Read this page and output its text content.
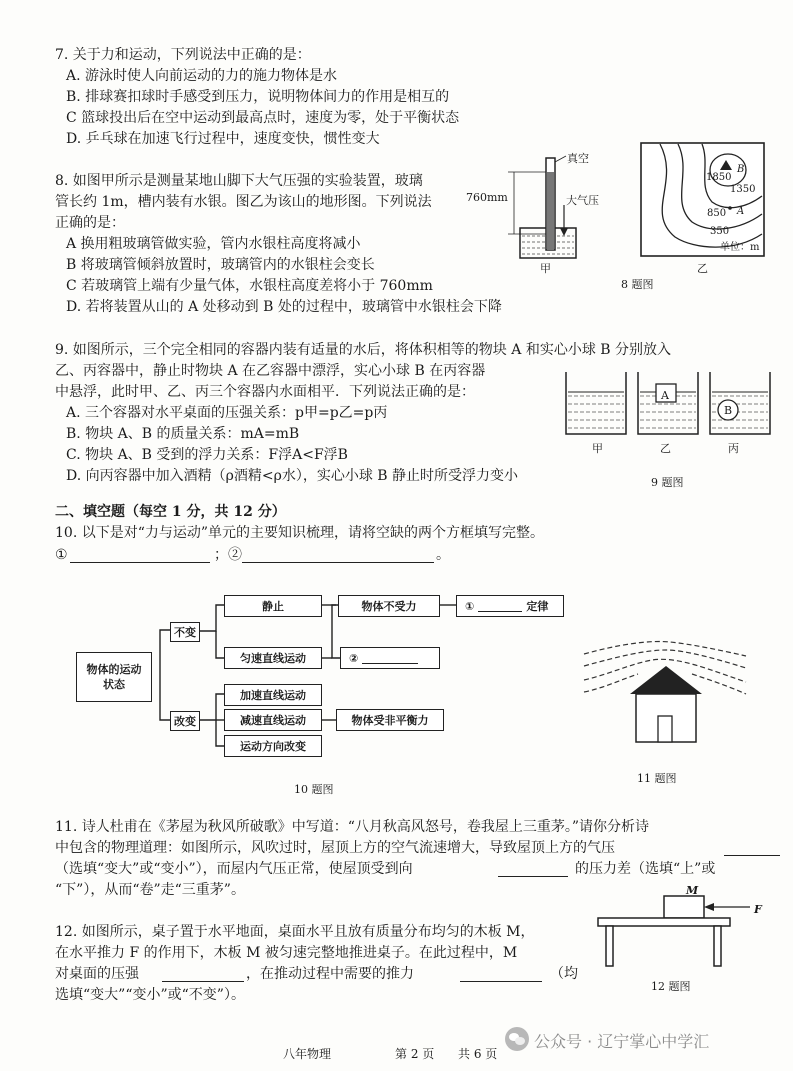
7. 关于力和运动，下列说法中正确的是：
A. 游泳时使人向前运动的力的施力物体是水
B. 排球赛扣球时手感受到压力，说明物体间力的作用是相互的
C 篮球投出后在空中运动到最高点时，速度为零，处于平衡状态
D. 乒乓球在加速飞行过程中，速度变快，惯性变大
8. 如图甲所示是测量某地山脚下大气压强的实验装置，玻璃
管长约 1m，槽内装有水银。图乙为该山的地形图。下列说法
正确的是：
A 换用粗玻璃管做实验，管内水银柱高度将减小
B 将玻璃管倾斜放置时，玻璃管内的水银柱会变长
C 若玻璃管上端有少量气体，水银柱高度差将小于 760mm
D. 若将装置从山的 A 处移动到 B 处的过程中，玻璃管中水银柱会下降
真空
760mm	大气压
甲
1850
1350
850
350
A
B
单位：m
乙
8 题图
9. 如图所示，三个完全相同的容器内装有适量的水后，将体积相等的物块 A 和实心小球 B 分别放入
乙、丙容器中，静止时物块 A 在乙容器中漂浮，实心小球 B 在丙容器
中悬浮，此时甲、乙、丙三个容器内水面相平．下列说法正确的是：
A. 三个容器对水平桌面的压强关系：p甲=p乙=p丙
B. 物块 A、B 的质量关系：mA=mB
C. 物块 A、B 受到的浮力关系：F浮A<F浮B
D. 向丙容器中加入酒精（ρ酒精<ρ水），实心小球 B 静止时所受浮力变小
A
B
甲	乙	丙
9 题图
二、填空题（每空 1 分，共 12 分）
10. 以下是对“力与运动”单元的主要知识梳理，请将空缺的两个方框填写完整。
①	；②	。
物体的运动状态
不变
改变
静止
匀速直线运动
物体不受力	①	定律
②
加速直线运动
减速直线运动
运动方向改变
物体受非平衡力
10 题图
11 题图
11. 诗人杜甫在《茅屋为秋风所破歌》中写道：“八月秋高风怒号，卷我屋上三重茅。”请你分析诗
中包含的物理道理：如图所示，风吹过时，屋顶上方的空气流速增大，导致屋顶上方的气压
（选填“变大”或“变小”），而屋内气压正常，使屋顶受到向	的压力差（选填“上”或
“下”），从而“卷”走“三重茅”。
12. 如图所示，桌子置于水平地面，桌面水平且放有质量分布均匀的木板 M，
在水平推力 F 的作用下，木板 M 被匀速完整地推进桌子。在此过程中，M
对桌面的压强	，在推动过程中需要的推力	（均
选填“变大”“变小”或“不变”）。
M
F
12 题图
八年物理	第 2 页 共 6 页
公众号 · 辽宁掌心中学汇
